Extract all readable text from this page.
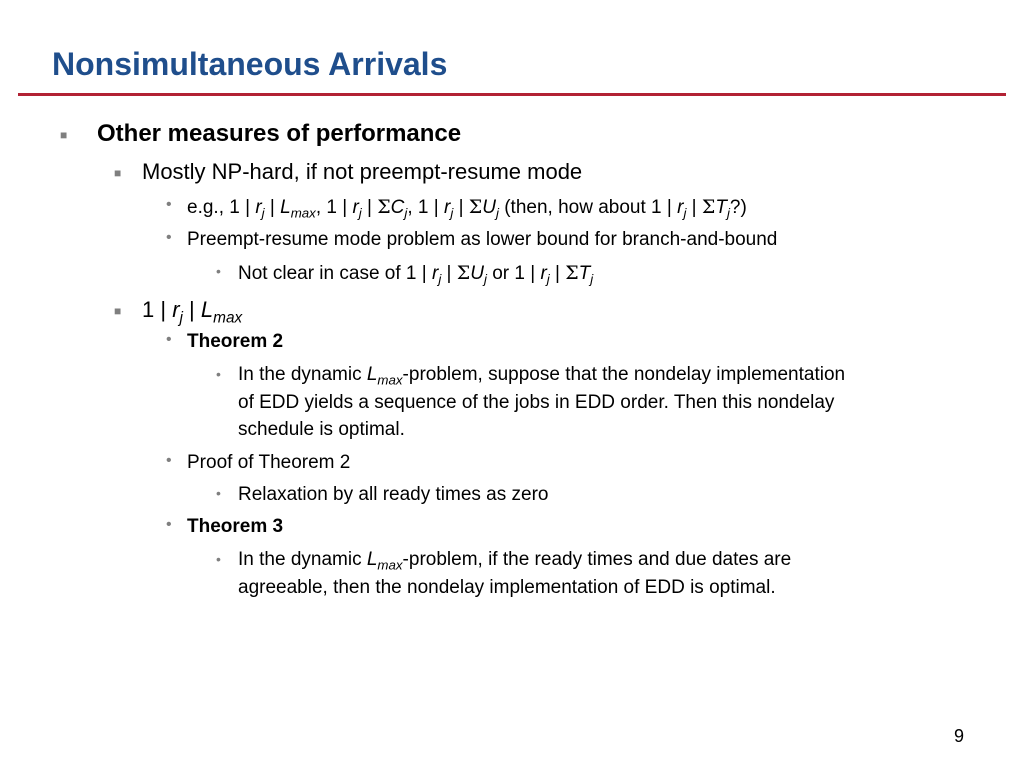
Nonsimultaneous Arrivals
■ Other measures of performance
■ Mostly NP-hard, if not preempt-resume mode
• e.g., 1 | $r_j$ | $L_{max}$, 1 | $r_j$ | $\Sigma C_j$, 1 | $r_j$ | $\Sigma U_j$ (then, how about 1 | $r_j$ | $\Sigma T_j$?)
• Preempt-resume mode problem as lower bound for branch-and-bound
• Not clear in case of 1 | $r_j$ | $\Sigma U_j$ or 1 | $r_j$ | $\Sigma T_j$
■ 1 | $r_j$ | $L_{max}$
• Theorem 2
• In the dynamic $L_{max}$-problem, suppose that the nondelay implementation
of EDD yields a sequence of the jobs in EDD order. Then this nondelay
schedule is optimal.
• Proof of Theorem 2
• Relaxation by all ready times as zero
• Theorem 3
• In the dynamic $L_{max}$-problem, if the ready times and due dates are
agreeable, then the nondelay implementation of EDD is optimal.
9
